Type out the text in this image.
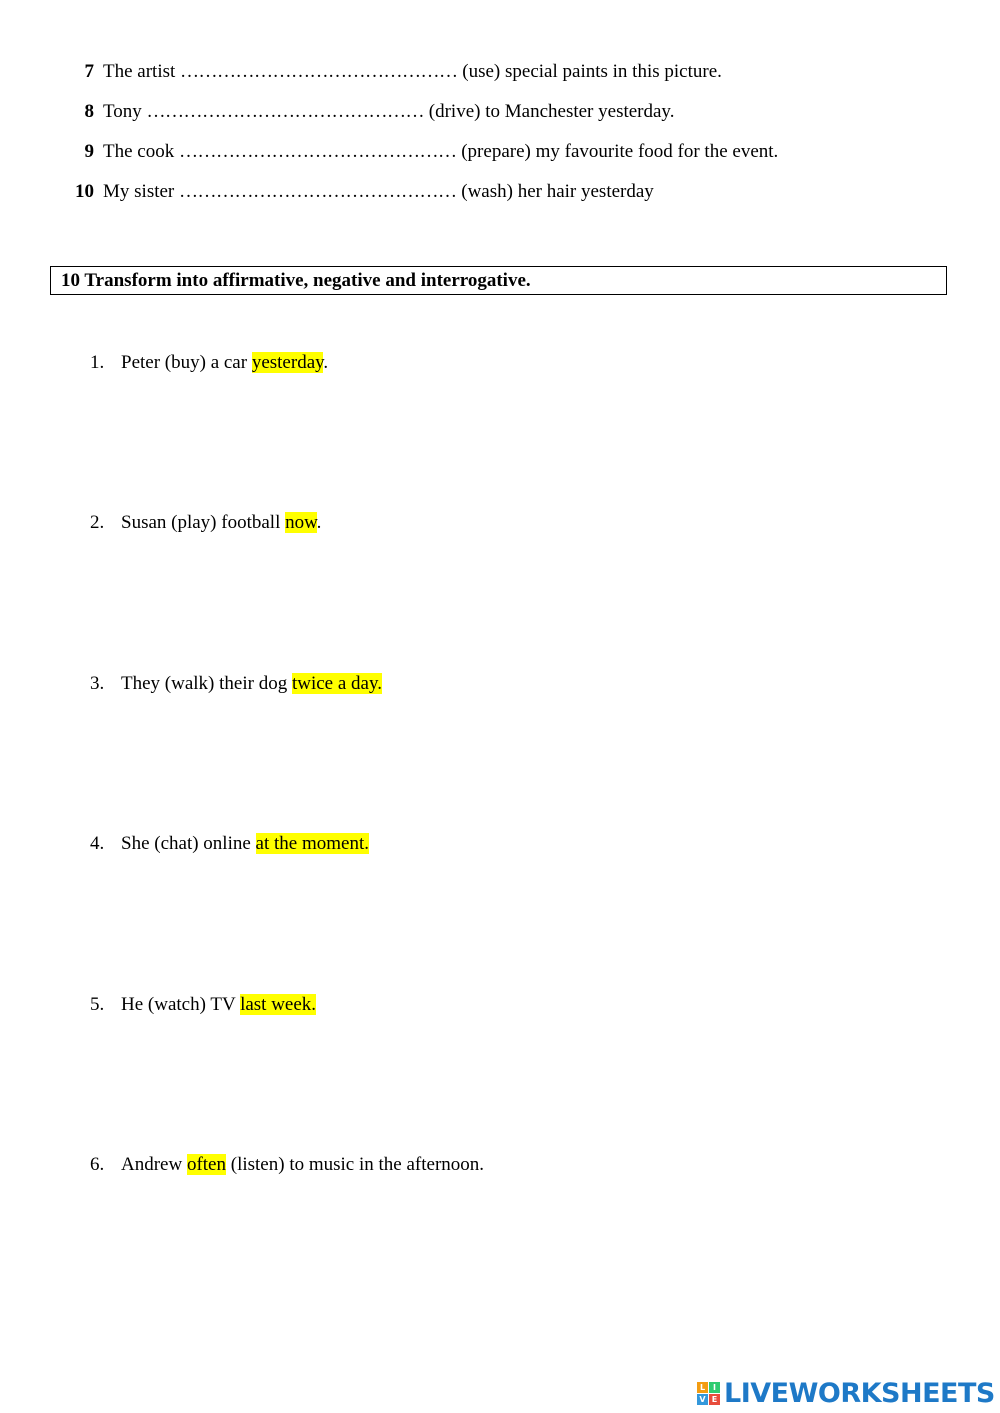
7 The artist ……………………………………… (use) special paints in this picture.
8 Tony ……………………………………… (drive) to Manchester yesterday.
9 The cook ……………………………………… (prepare) my favourite food for the event.
10 My sister ……………………………………… (wash) her hair yesterday
10 Transform into affirmative, negative and interrogative.
1. Peter (buy) a car yesterday.
2. Susan (play) football now.
3. They (walk) their dog twice a day.
4. She (chat) online at the moment.
5. He (watch) TV last week.
6. Andrew often (listen) to music in the afternoon.
L I
V E LIVEWORKSHEETS
